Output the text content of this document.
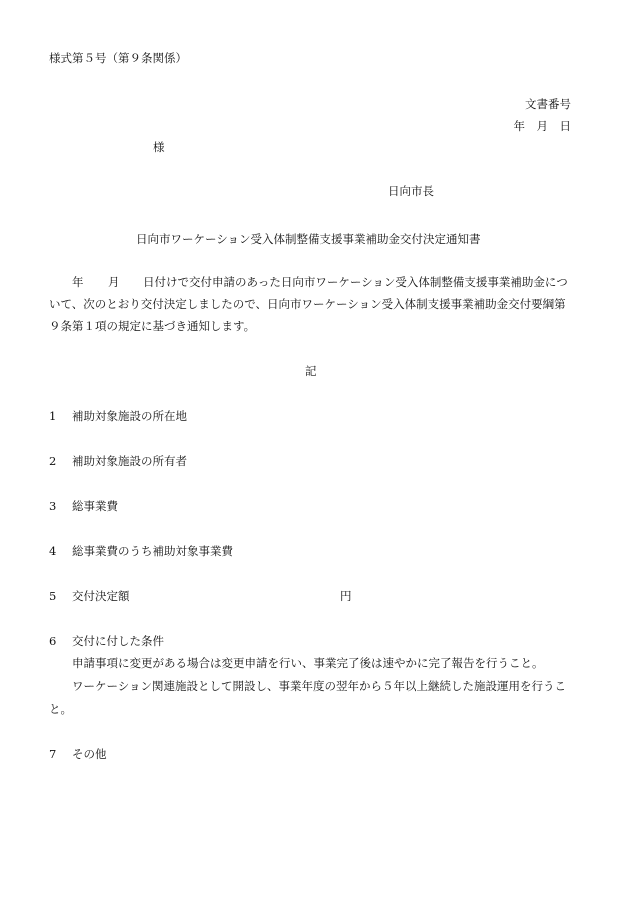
様式第５号（第９条関係）
文書番号
年　月　日
様
日向市長
日向市ワーケーション受入体制整備支援事業補助金交付決定通知書
年 月 日付けで交付申請のあった日向市ワーケーション受入体制整備支援事業補助金につ
いて、次のとおり交付決定しましたので、日向市ワーケーション受入体制支援事業補助金交付要綱第
９条第１項の規定に基づき通知します。
記
1	補助対象施設の所在地
2	補助対象施設の所有者
3	総事業費
4	総事業費のうち補助対象事業費
5	交付決定額	円
6	交付に付した条件
申請事項に変更がある場合は変更申請を行い、事業完了後は速やかに完了報告を行うこと。
ワーケーション関連施設として開設し、事業年度の翌年から５年以上継続した施設運用を行うこ
と。
7	その他
